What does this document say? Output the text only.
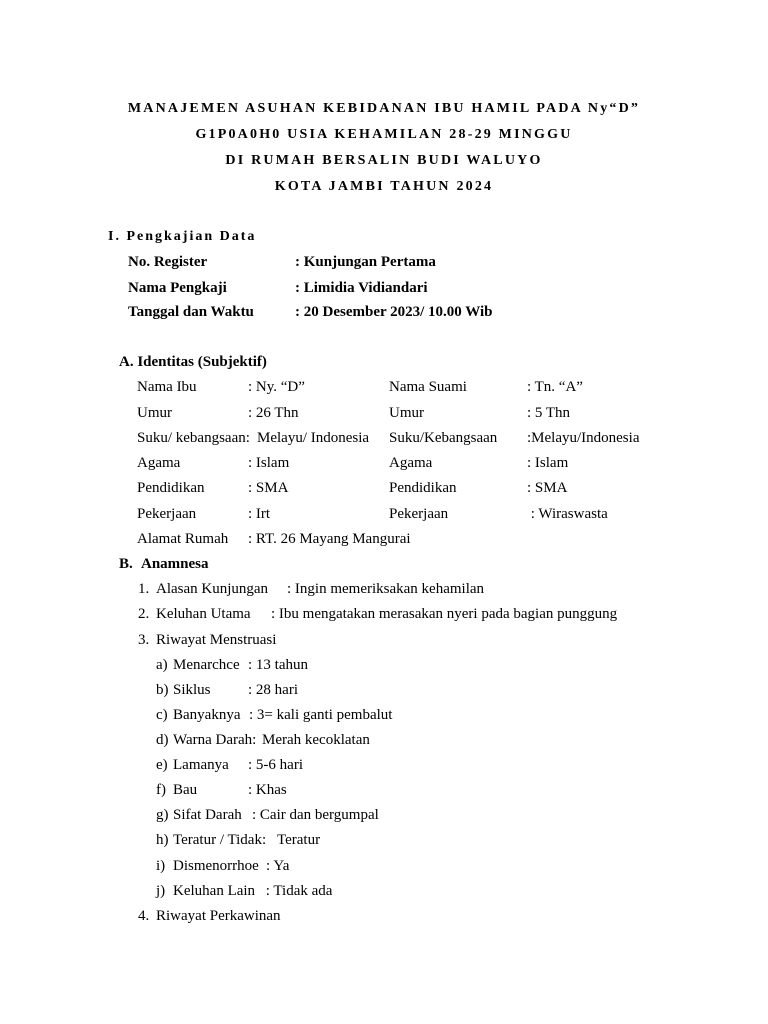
MANAJEMEN ASUHAN KEBIDANAN IBU HAMIL PADA Ny“D”
G1P0A0H0 USIA KEHAMILAN 28-29 MINGGU
DI RUMAH BERSALIN BUDI WALUYO
KOTA JAMBI TAHUN 2024
I. Pengkajian Data
No. Register	: Kunjungan Pertama
Nama Pengkaji	: Limidia Vidiandari
Tanggal dan Waktu	: 20 Desember 2023/ 10.00 Wib
A. Identitas (Subjektif)
Nama Ibu	: Ny. “D”	Nama Suami	: Tn. “A”
Umur	: 26 Thn	Umur	: 5 Thn
Suku/ kebangsaan: Melayu/ Indonesia Suku/Kebangsaan :Melayu/Indonesia
Agama	: Islam	Agama	: Islam
Pendidikan	: SMA	Pendidikan	: SMA
Pekerjaan	: Irt	Pekerjaan	: Wiraswasta
Alamat Rumah : RT. 26 Mayang Mangurai
B. Anamnesa
1. Alasan Kunjungan : Ingin memeriksakan kehamilan
2. Keluhan Utama : Ibu mengatakan merasakan nyeri pada bagian punggung
3. Riwayat Menstruasi
a) Menarchce : 13 tahun
b) Siklus : 28 hari
c) Banyaknya : 3= kali ganti pembalut
d) Warna Darah: Merah kecoklatan
e) Lamanya : 5-6 hari
f) Bau	: Khas
g) Sifat Darah : Cair dan bergumpal
h) Teratur / Tidak: Teratur
i) Dismenorrhoe : Ya
j) Keluhan Lain : Tidak ada
4. Riwayat Perkawinan
